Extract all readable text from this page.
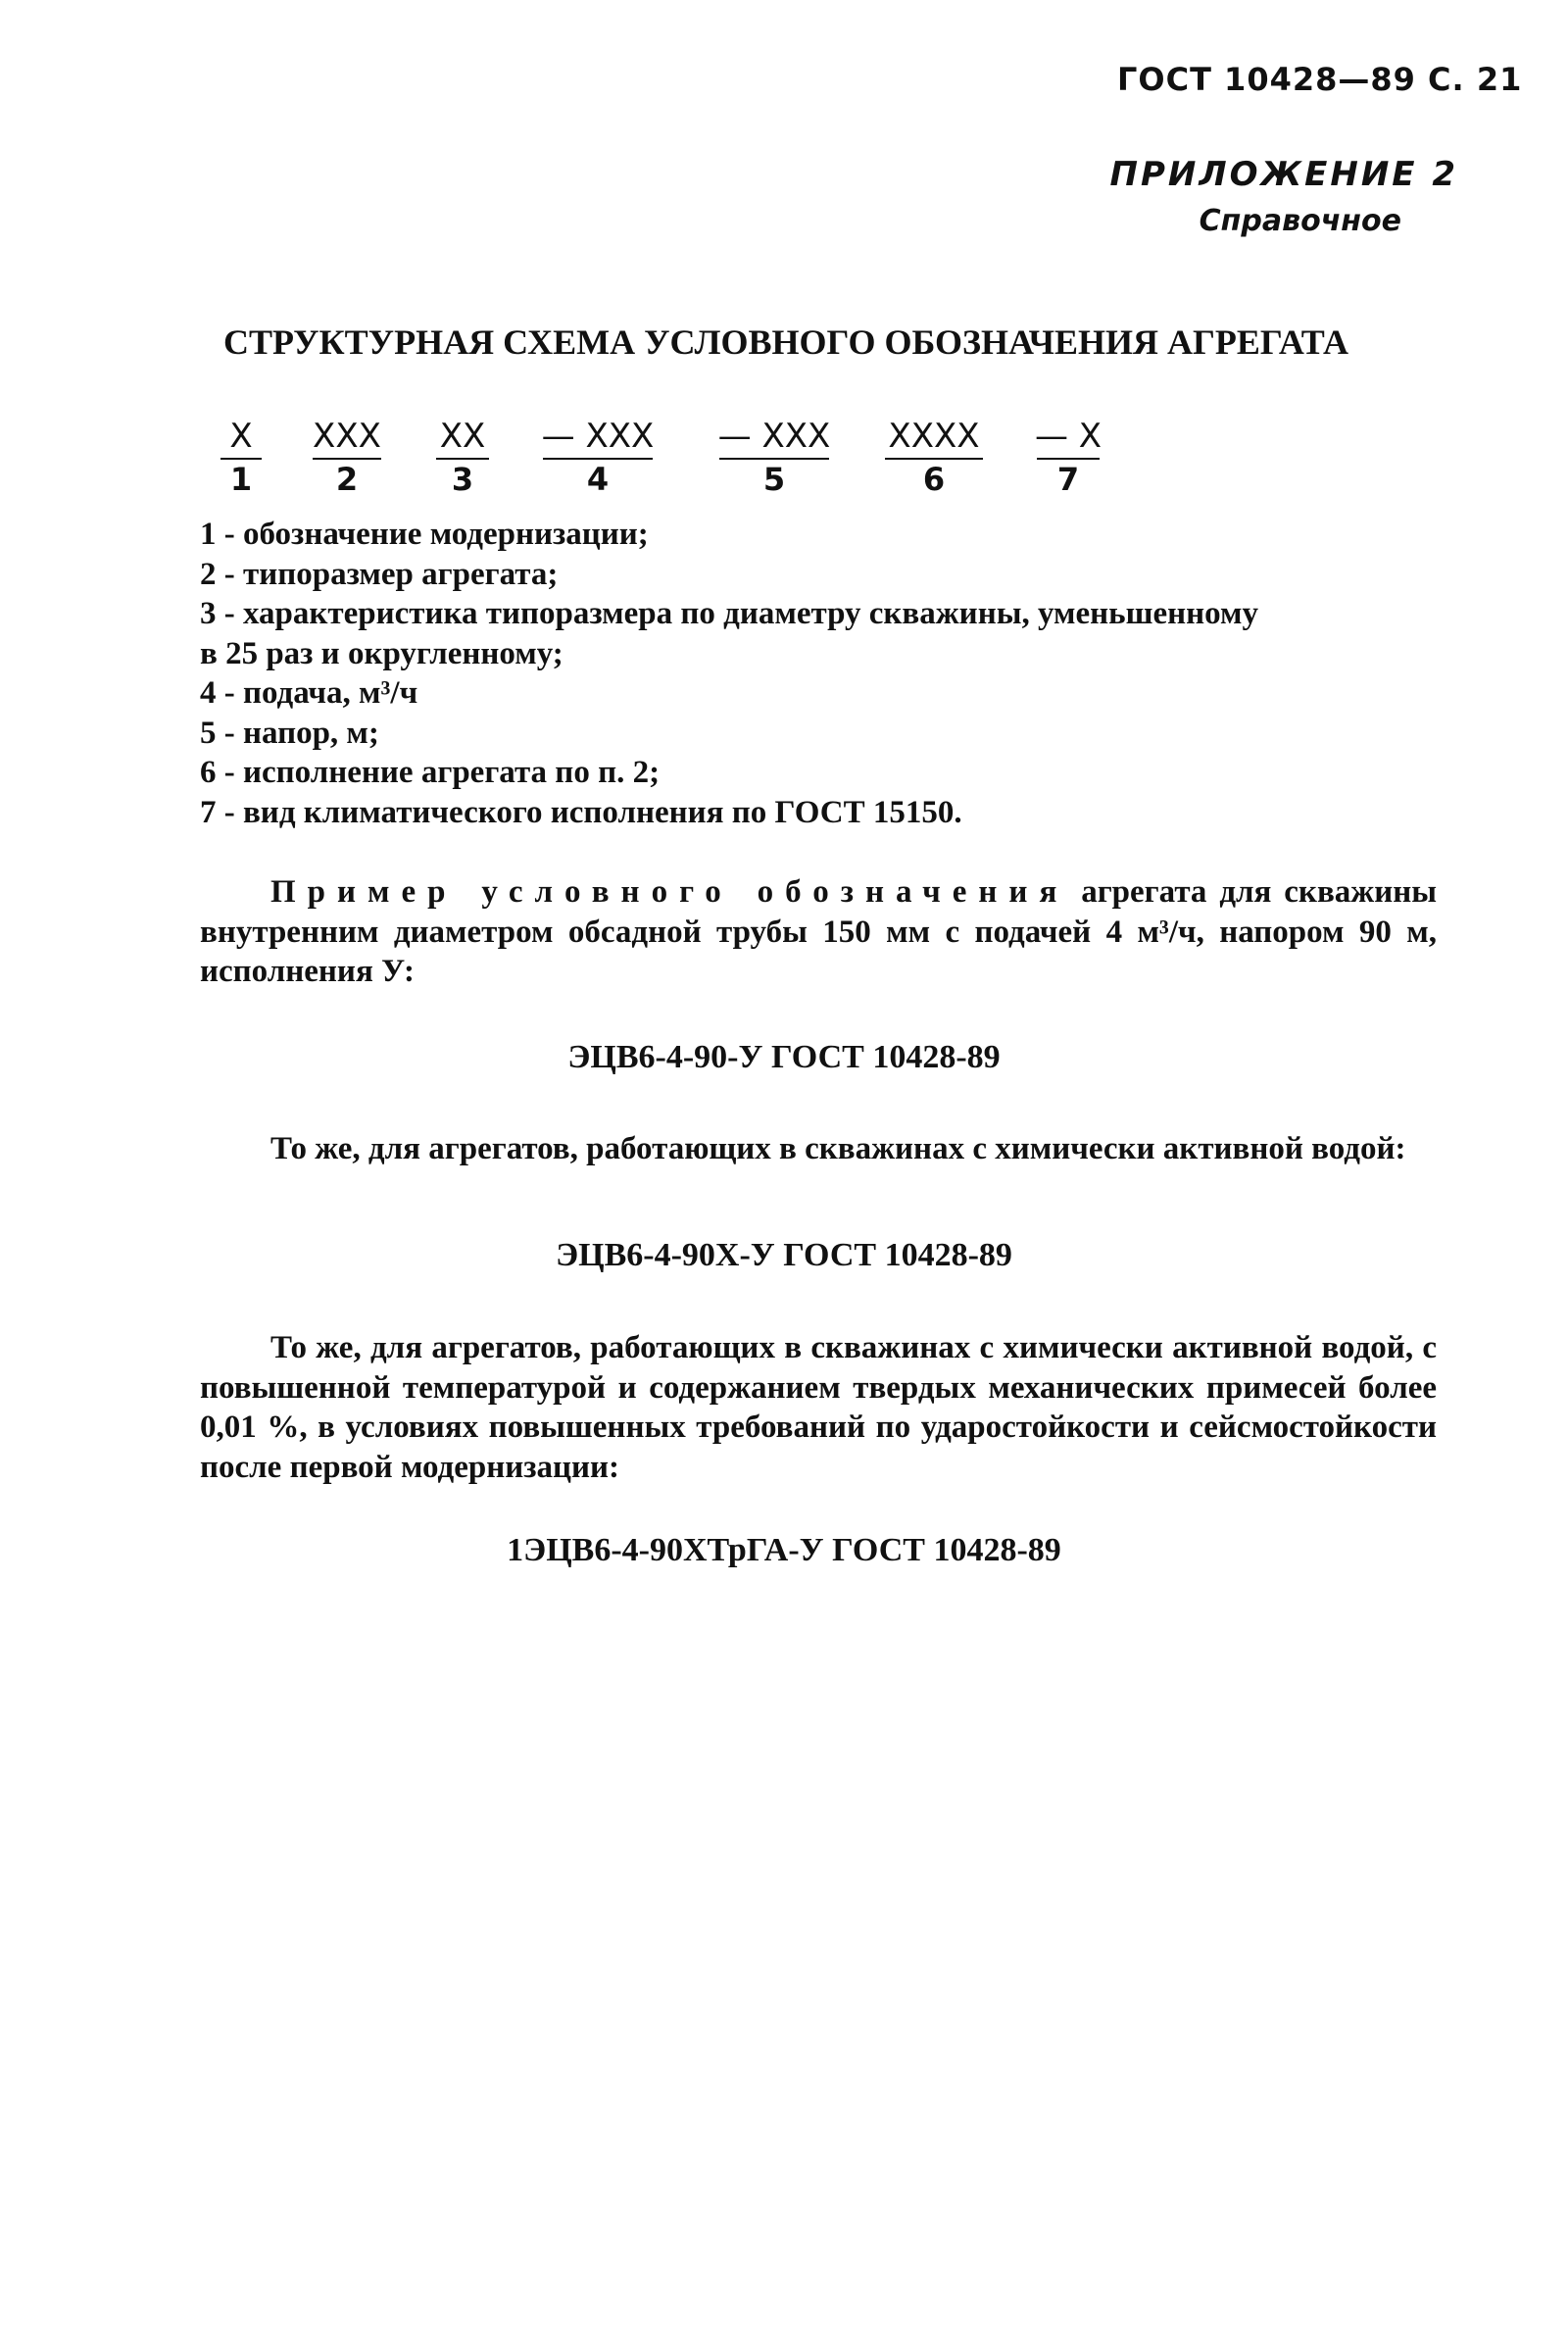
ГОСТ 10428—89 С. 21
ПРИЛОЖЕНИЕ 2
Справочное
СТРУКТУРНАЯ СХЕМА УСЛОВНОГО ОБОЗНАЧЕНИЯ АГРЕГАТА
X
1
XXX
2
XX
3
— XXX
4
— XXX
5
XXXX
6
— X
7
1 - обозначение модернизации;
2 - типоразмер агрегата;
3 - характеристика типоразмера по диаметру скважины, уменьшенному
в 25 раз и округленному;
4 - подача, м³/ч
5 - напор, м;
6 - исполнение агрегата по п. 2;
7 - вид климатического исполнения по ГОСТ 15150.

Пример условного обозначения агрегата для скважины внутренним диаметром обсадной трубы 150 мм с подачей 4 м³/ч, напором 90 м, исполнения У:

ЭЦВ6-4-90-У ГОСТ 10428-89

То же, для агрегатов, работающих в скважинах с химически активной водой:

ЭЦВ6-4-90Х-У ГОСТ 10428-89

То же, для агрегатов, работающих в скважинах с химически активной водой, с повышенной температурой и содержанием твердых механических примесей более 0,01 %, в условиях повышенных требований по ударостойкости и сейсмостойкости после первой модернизации:

1ЭЦВ6-4-90ХТрГА-У ГОСТ 10428-89
